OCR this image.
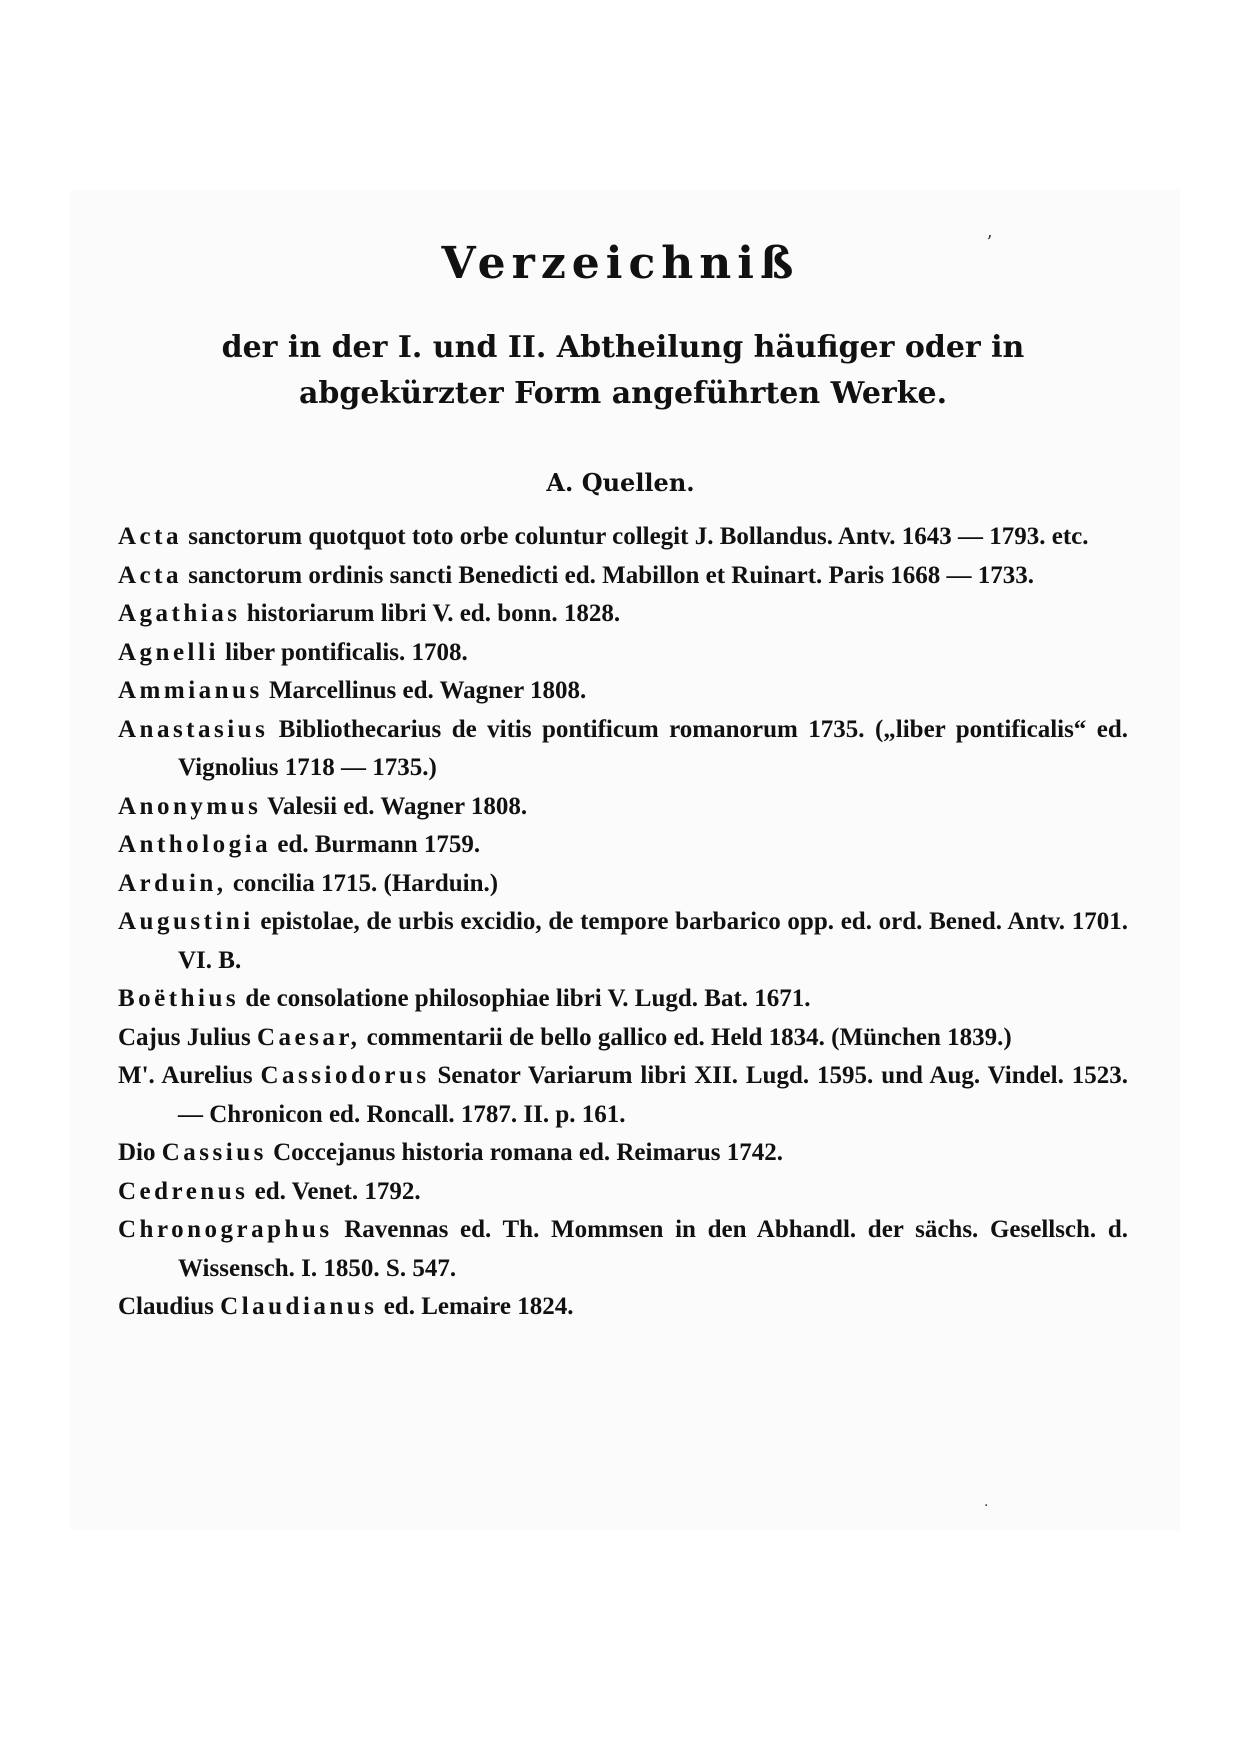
ʼ
·
Verzeichniß
der in der I. und II. Abtheilung häufiger oder in abgekürzter Form angeführten Werke.
A. Quellen.

Acta sanctorum quotquot toto orbe coluntur collegit J. Bollandus. Antv. 1643 — 1793. etc.

Acta sanctorum ordinis sancti Benedicti ed. Mabillon et Ruinart. Paris 1668 — 1733.

Agathias historiarum libri V. ed. bonn. 1828.

Agnelli liber pontificalis. 1708.

Ammianus Marcellinus ed. Wagner 1808.

Anastasius Bibliothecarius de vitis pontificum romanorum 1735. („liber pontificalis“ ed. Vignolius 1718 — 1735.)

Anonymus Valesii ed. Wagner 1808.

Anthologia ed. Burmann 1759.

Arduin, concilia 1715. (Harduin.)

Augustini epistolae, de urbis excidio, de tempore barbarico opp. ed. ord. Bened. Antv. 1701. VI. B.

Boëthius de consolatione philosophiae libri V. Lugd. Bat. 1671.

Cajus Julius Caesar, commentarii de bello gallico ed. Held 1834. (München 1839.)

M'. Aurelius Cassiodorus Senator Variarum libri XII. Lugd. 1595. und Aug. Vindel. 1523. — Chronicon ed. Roncall. 1787. II. p. 161.

Dio Cassius Coccejanus historia romana ed. Reimarus 1742.

Cedrenus ed. Venet. 1792.

Chronographus Ravennas ed. Th. Mommsen in den Abhandl. der sächs. Gesellsch. d. Wissensch. I. 1850. S. 547.

Claudius Claudianus ed. Lemaire 1824.
